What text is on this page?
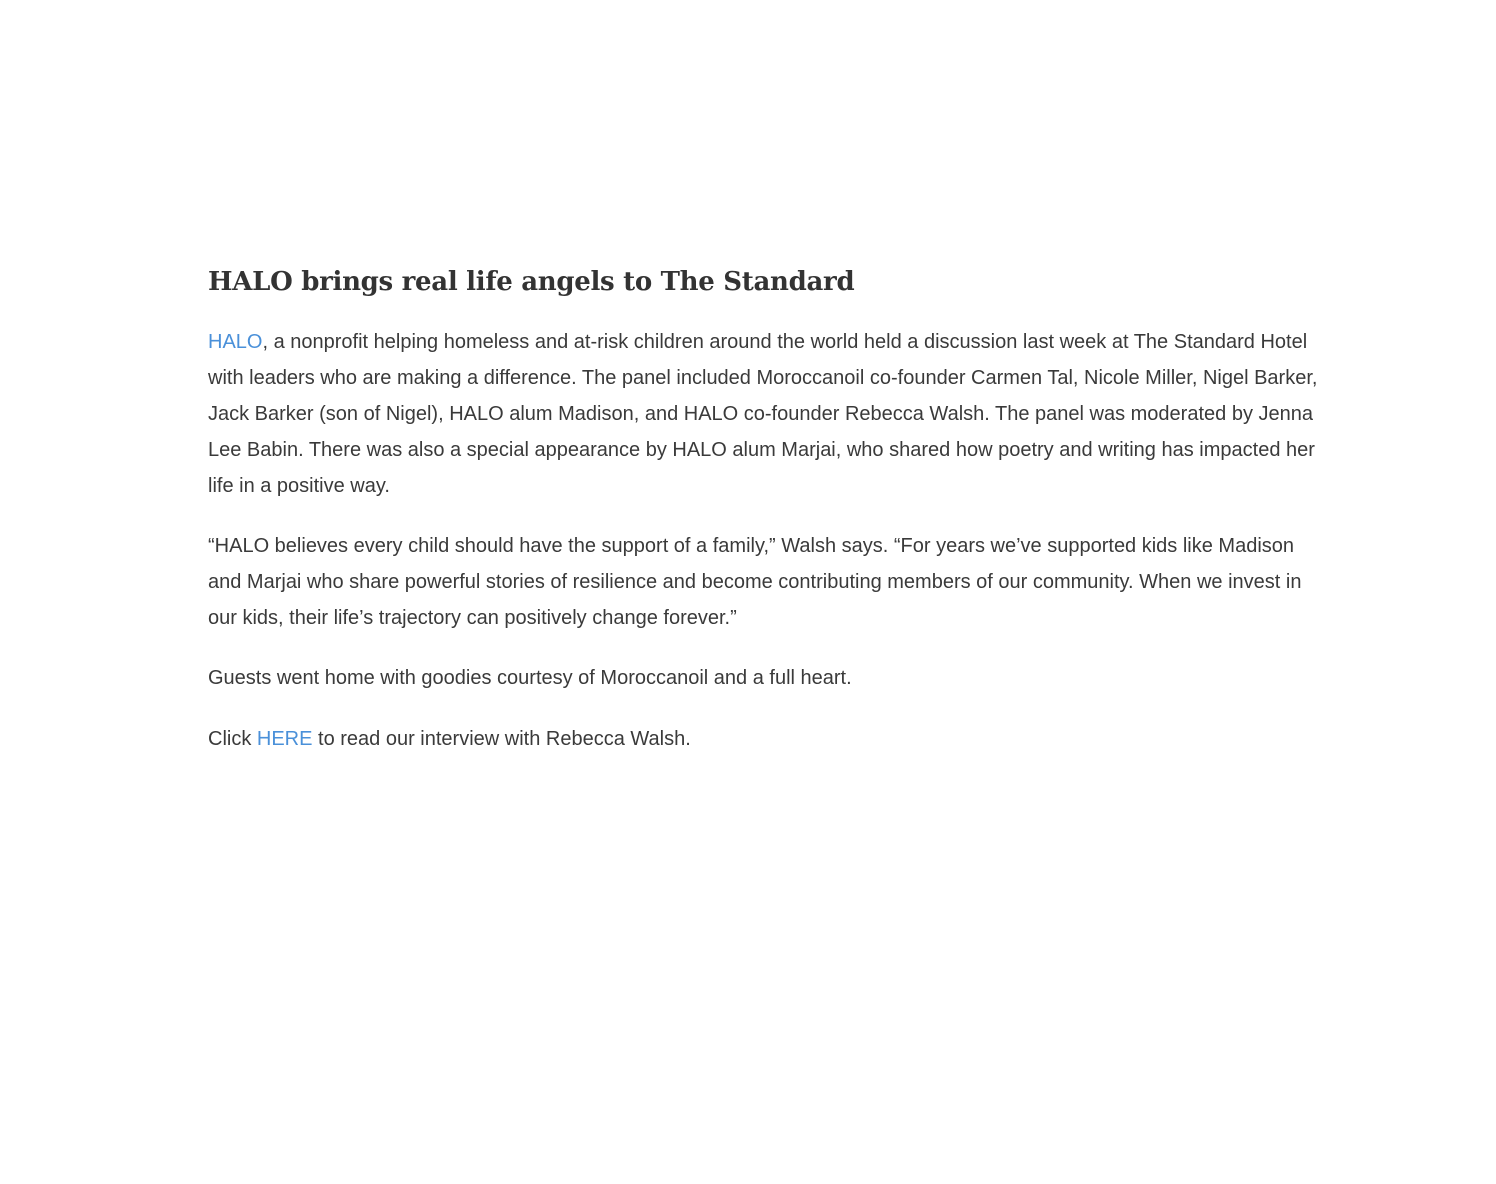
HALO brings real life angels to The Standard

HALO, a nonprofit helping homeless and at-risk children around the world held a discussion last week at The Standard Hotel with leaders who are making a difference. The panel included Moroccanoil co-founder Carmen Tal, Nicole Miller, Nigel Barker, Jack Barker (son of Nigel), HALO alum Madison, and HALO co-founder Rebecca Walsh. The panel was moderated by Jenna Lee Babin. There was also a special appearance by HALO alum Marjai, who shared how poetry and writing has impacted her life in a positive way.

“HALO believes every child should have the support of a family,” Walsh says. “For years we’ve supported kids like Madison and Marjai who share powerful stories of resilience and become contributing members of our community. When we invest in our kids, their life’s trajectory can positively change forever.”

Guests went home with goodies courtesy of Moroccanoil and a full heart.

Click HERE to read our interview with Rebecca Walsh.
